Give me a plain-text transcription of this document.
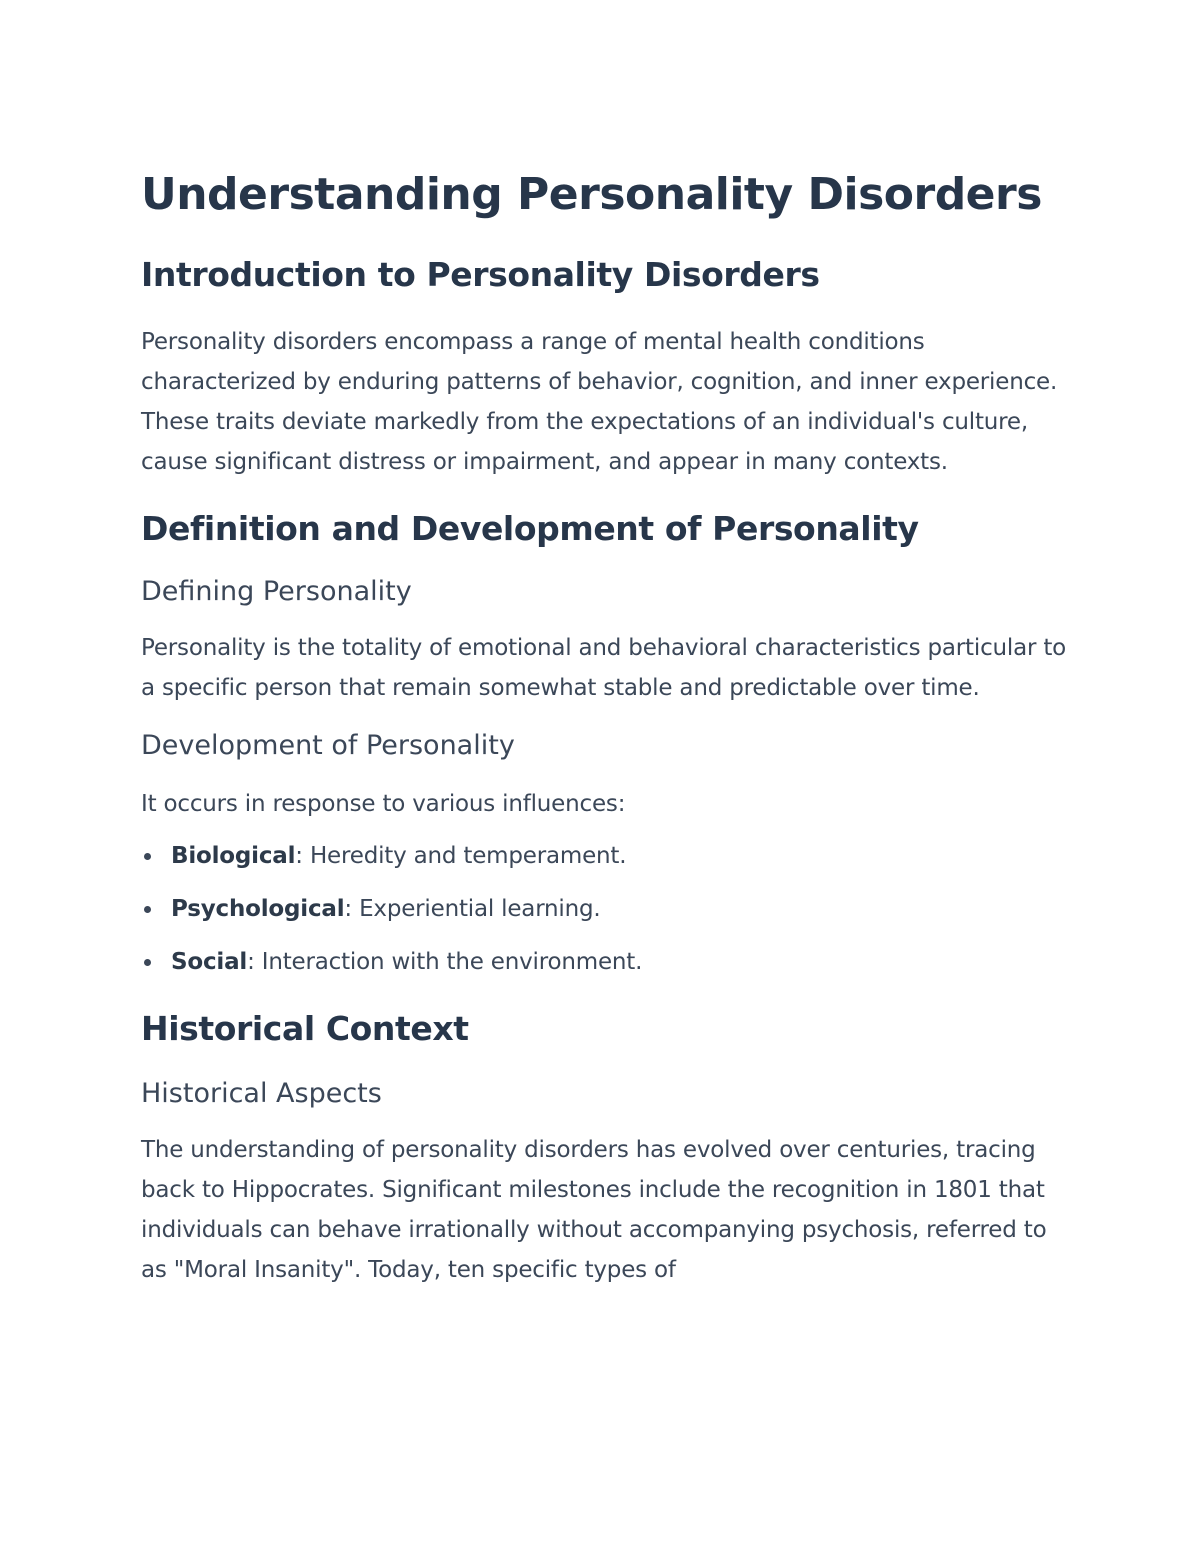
Understanding Personality Disorders
Introduction to Personality Disorders

Personality disorders encompass a range of mental health conditions characterized by enduring patterns of behavior, cognition, and inner experience. These traits deviate markedly from the expectations of an individual's culture, cause significant distress or impairment, and appear in many contexts.

Definition and Development of Personality
Defining Personality

Personality is the totality of emotional and behavioral characteristics particular to a specific person that remain somewhat stable and predictable over time.

Development of Personality

It occurs in response to various influences:

Biological: Heredity and temperament.
Psychological: Experiential learning.
Social: Interaction with the environment.
Historical Context
Historical Aspects

The understanding of personality disorders has evolved over centuries, tracing back to Hippocrates. Significant milestones include the recognition in 1801 that individuals can behave irrationally without accompanying psychosis, referred to as "Moral Insanity". Today, ten specific types of
